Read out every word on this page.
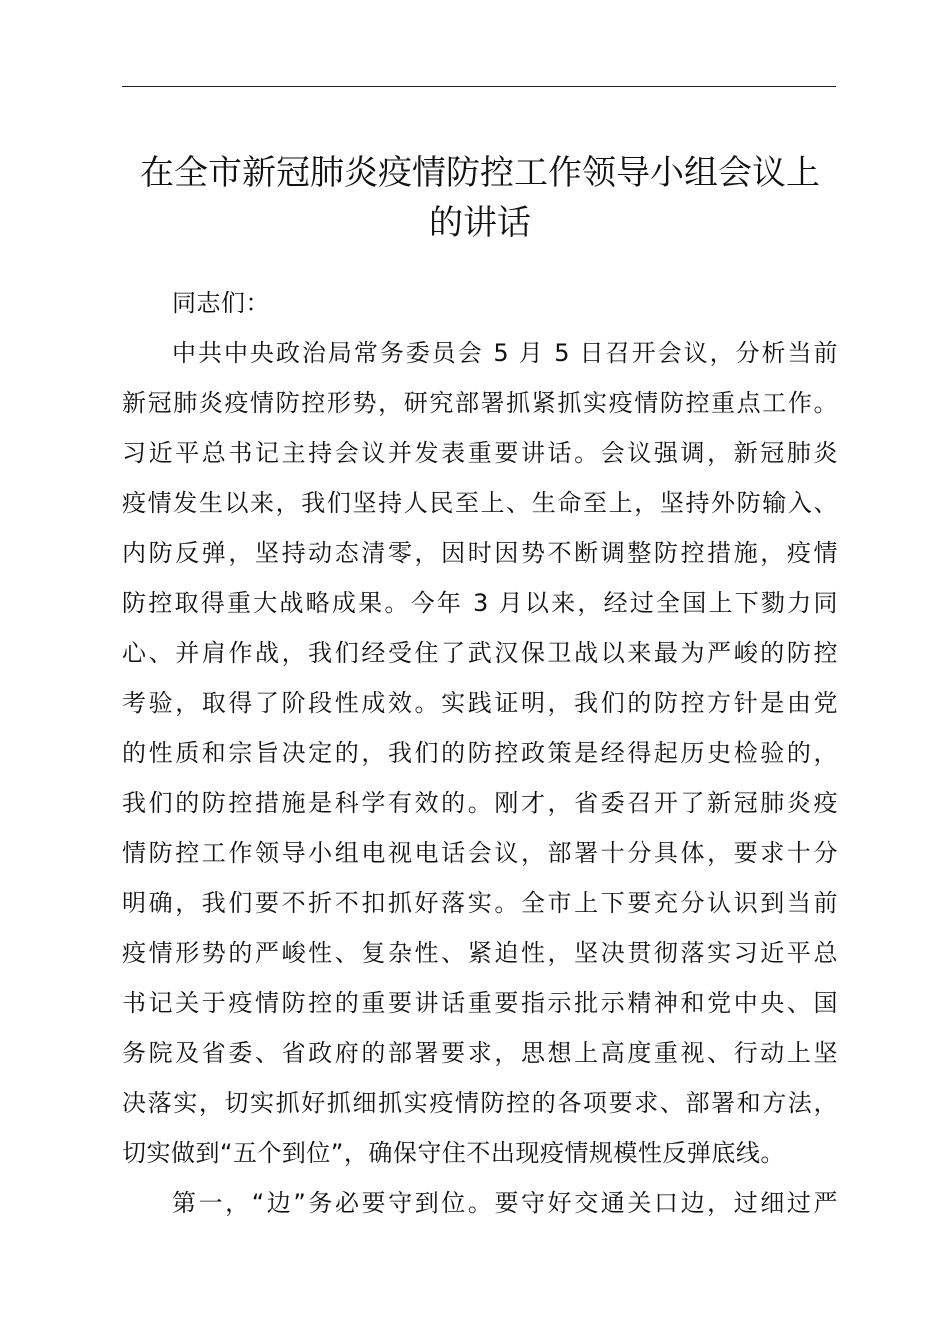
在全市新冠肺炎疫情防控工作领导小组会议上
的讲话
同志们：
中共中央政治局常务委员会 5 月 5 日召开会议，分析当前
新冠肺炎疫情防控形势，研究部署抓紧抓实疫情防控重点工作。
习近平总书记主持会议并发表重要讲话。会议强调，新冠肺炎
疫情发生以来，我们坚持人民至上、生命至上，坚持外防输入、
内防反弹，坚持动态清零，因时因势不断调整防控措施，疫情
防控取得重大战略成果。今年 3 月以来，经过全国上下勠力同
心、并肩作战，我们经受住了武汉保卫战以来最为严峻的防控
考验，取得了阶段性成效。实践证明，我们的防控方针是由党
的性质和宗旨决定的，我们的防控政策是经得起历史检验的，
我们的防控措施是科学有效的。刚才，省委召开了新冠肺炎疫
情防控工作领导小组电视电话会议，部署十分具体，要求十分
明确，我们要不折不扣抓好落实。全市上下要充分认识到当前
疫情形势的严峻性、复杂性、紧迫性，坚决贯彻落实习近平总
书记关于疫情防控的重要讲话重要指示批示精神和党中央、国
务院及省委、省政府的部署要求，思想上高度重视、行动上坚
决落实，切实抓好抓细抓实疫情防控的各项要求、部署和方法，
切实做到“五个到位”，确保守住不出现疫情规模性反弹底线。
第一，“边”务必要守到位。要守好交通关口边，过细过严
